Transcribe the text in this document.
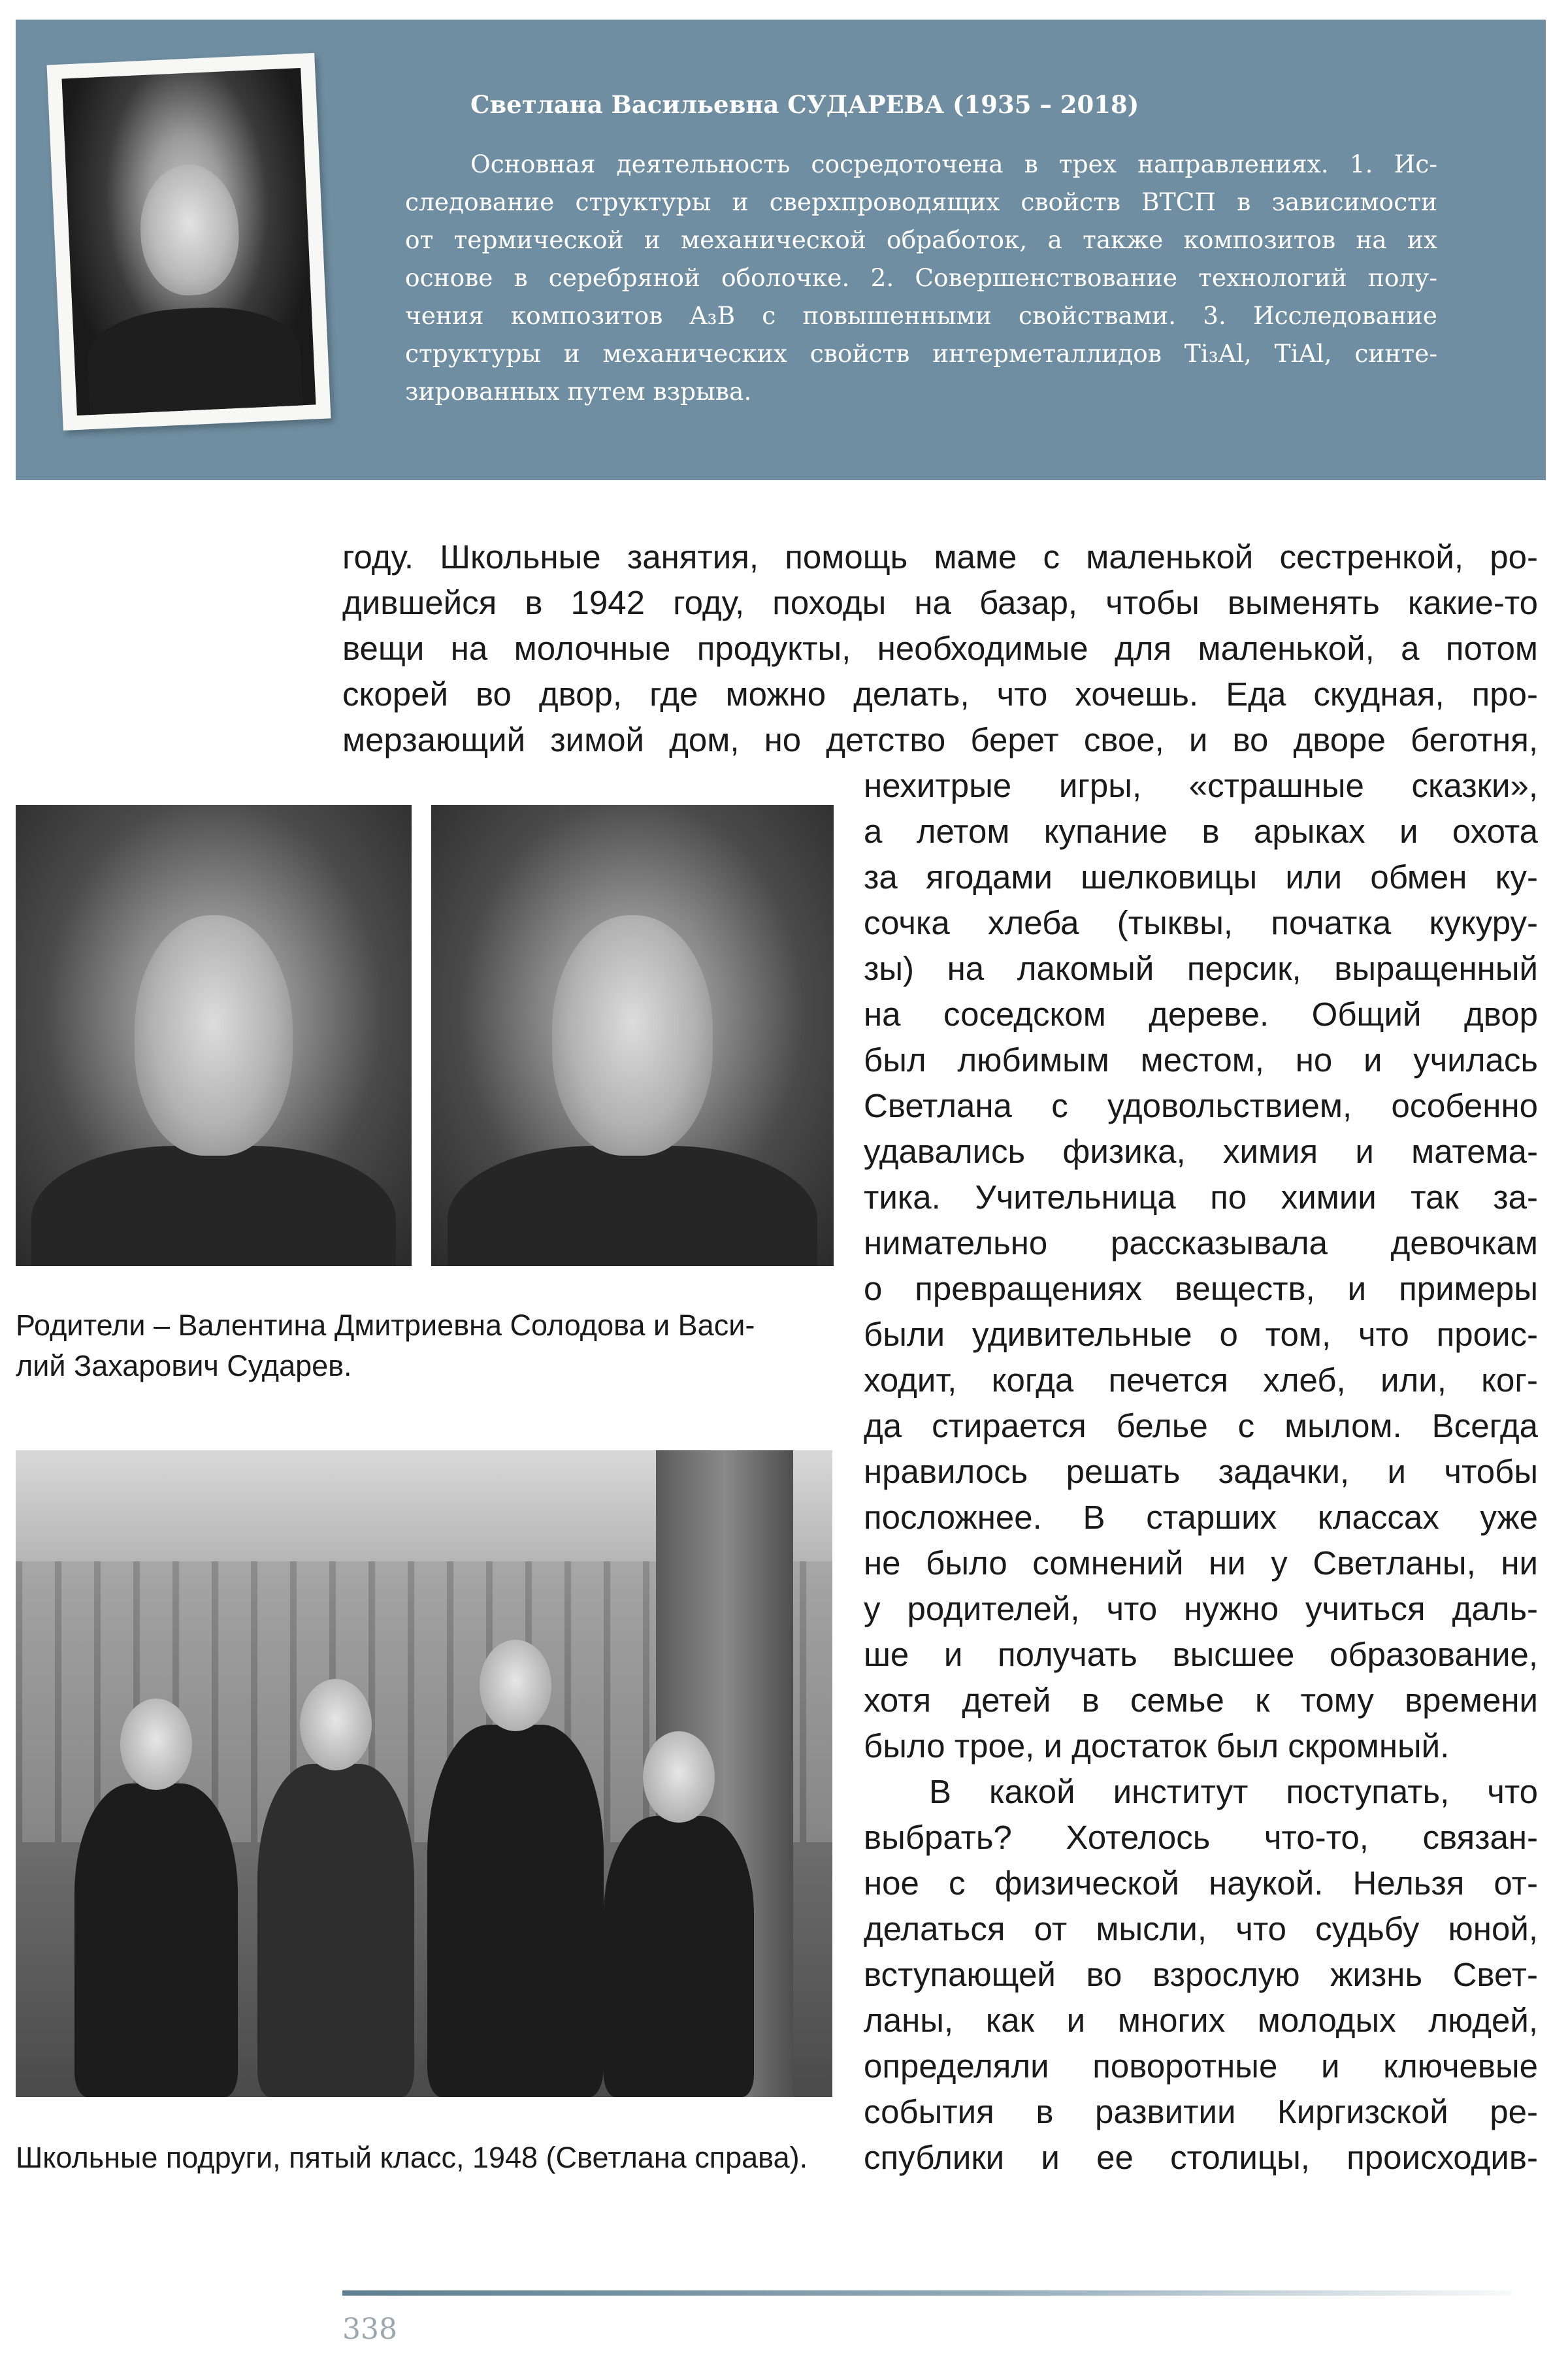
Светлана Васильевна СУДАРЕВА (1935 – 2018)

Основная деятельность сосредоточена в трех направлениях. 1. Ис-
следование структуры и сверхпроводящих свойств ВТСП в зависимости
от термической и механической обработок, а также композитов на их
основе в серебряной оболочке. 2. Совершенствование технологий полу-
чения композитов A₃B с повышенными свойствами. 3. Исследование
структуры и механических свойств интерметаллидов Ti₃Al, TiAl, синте-
зированных путем взрыва.

году. Школьные занятия, помощь маме с маленькой сестренкой, ро-
дившейся в 1942 году, походы на базар, чтобы выменять какие-то
вещи на молочные продукты, необходимые для маленькой, а потом
скорей во двор, где можно делать, что хочешь. Еда скудная, про-
мерзающий зимой дом, но детство берет свое, и во дворе беготня,
нехитрые игры, «страшные сказки»,
а летом купание в арыках и охота
за ягодами шелковицы или обмен ку-
сочка хлеба (тыквы, початка кукуру-
зы) на лакомый персик, выращенный
на соседском дереве. Общий двор
был любимым местом, но и училась
Светлана с удовольствием, особенно
удавались физика, химия и матема-
тика. Учительница по химии так за-
нимательно рассказывала девочкам
о превращениях веществ, и примеры
были удивительные о том, что проис-
ходит, когда печется хлеб, или, ког-
да стирается белье с мылом. Всегда
нравилось решать задачки, и чтобы
посложнее. В старших классах уже
не было сомнений ни у Светланы, ни
у родителей, что нужно учиться даль-
ше и получать высшее образование,
хотя детей в семье к тому времени
было трое, и достаток был скромный.
В какой институт поступать, что
выбрать? Хотелось что-то, связан-
ное с физической наукой. Нельзя от-
делаться от мысли, что судьбу юной,
вступающей во взрослую жизнь Свет-
ланы, как и многих молодых людей,
определяли поворотные и ключевые
события в развитии Киргизской ре-
спублики и ее столицы, происходив-

Родители – Валентина Дмитриевна Солодова и Васи-
лий Захарович Сударев.

Школьные подруги, пятый класс, 1948 (Светлана справа).

338
